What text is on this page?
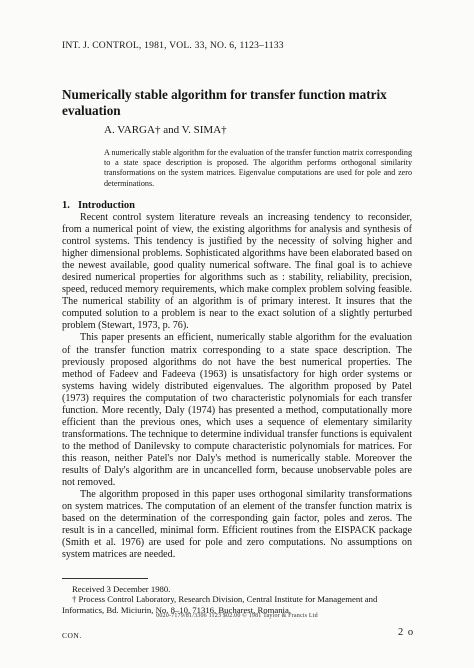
INT. J. CONTROL, 1981, VOL. 33, NO. 6, 1123–1133
Numerically stable algorithm for transfer function matrix evaluation
A. VARGA† and V. SIMA†
A numerically stable algorithm for the evaluation of the transfer function matrix corresponding to a state space description is proposed. The algorithm performs orthogonal similarity transformations on the system matrices. Eigenvalue computations are used for pole and zero determinations.
1. Introduction

Recent control system literature reveals an increasing tendency to reconsider, from a numerical point of view, the existing algorithms for analysis and synthesis of control systems. This tendency is justified by the necessity of solving higher and higher dimensional problems. Sophisticated algorithms have been elaborated based on the newest available, good quality numerical software. The final goal is to achieve desired numerical properties for algorithms such as : stability, reliability, precision, speed, reduced memory requirements, which make complex problem solving feasible. The numerical stability of an algorithm is of primary interest. It insures that the computed solution to a problem is near to the exact solution of a slightly perturbed problem (Stewart, 1973, p. 76).

This paper presents an efficient, numerically stable algorithm for the evaluation of the transfer function matrix corresponding to a state space description. The previously proposed algorithms do not have the best numerical properties. The method of Fadeev and Fadeeva (1963) is unsatisfactory for high order systems or systems having widely distributed eigenvalues. The algorithm proposed by Patel (1973) requires the computation of two characteristic polynomials for each transfer function. More recently, Daly (1974) has presented a method, computationally more efficient than the previous ones, which uses a sequence of elementary similarity transformations. The technique to determine individual transfer functions is equivalent to the method of Danilevsky to compute characteristic polynomials for matrices. For this reason, neither Patel's nor Daly's method is numerically stable. Moreover the results of Daly's algorithm are in uncancelled form, because unobservable poles are not removed.

The algorithm proposed in this paper uses orthogonal similarity transformations on system matrices. The computation of an element of the transfer function matrix is based on the determination of the corresponding gain factor, poles and zeros. The result is in a cancelled, minimal form. Efficient routines from the EISPACK package (Smith et al. 1976) are used for pole and zero computations. No assumptions on system matrices are needed.

Received 3 December 1980.

† Process Control Laboratory, Research Division, Central Institute for Management and Informatics, Bd. Miciurin, No. 8–10, 71316, Bucharest, Romania.

0020-7179/81/3306 1123 $02.00 © 1981 Taylor & Francis Ltd
CON.	2 o
